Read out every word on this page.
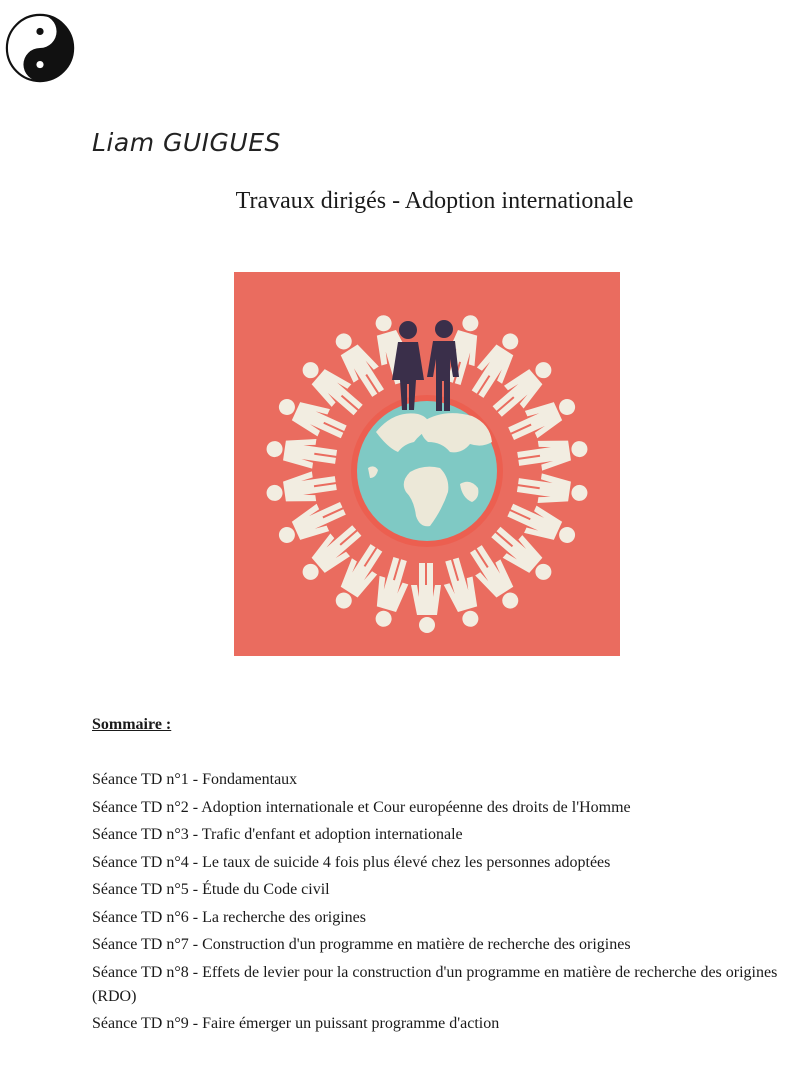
Liam GUIGUES
Travaux dirigés - Adoption internationale
Sommaire :
Séance TD n°1 - Fondamentaux
Séance TD n°2 - Adoption internationale et Cour européenne des droits de l'Homme
Séance TD n°3 - Trafic d'enfant et adoption internationale
Séance TD n°4 - Le taux de suicide 4 fois plus élevé chez les personnes adoptées
Séance TD n°5 - Étude du Code civil
Séance TD n°6 - La recherche des origines
Séance TD n°7 - Construction d'un programme en matière de recherche des origines
Séance TD n°8 - Effets de levier pour la construction d'un programme en matière de recherche des origines (RDO)
Séance TD n°9 - Faire émerger un puissant programme d'action
